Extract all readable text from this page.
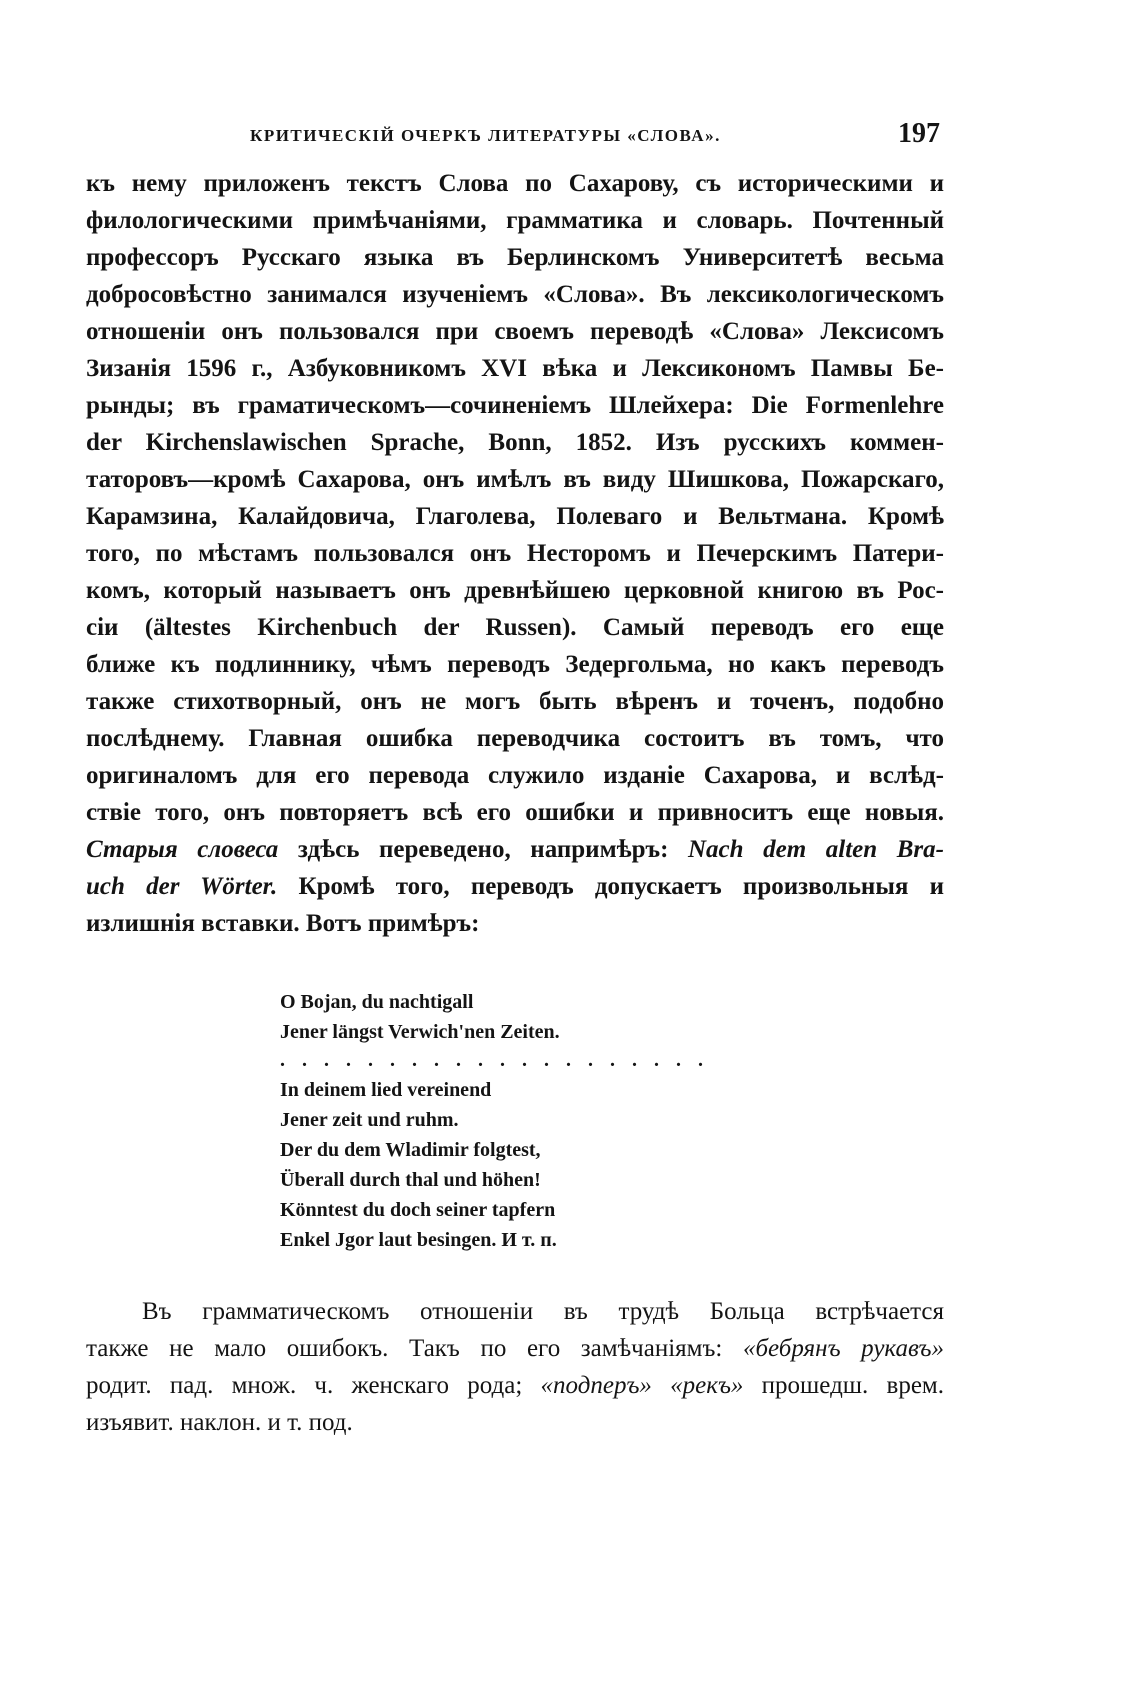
КРИТИЧЕСКІЙ ОЧЕРКЪ ЛИТЕРАТУРЫ «СЛОВА».	197
къ нему приложенъ текстъ Слова по Сахарову, съ историческими и
филологическими примѣчаніями, грамматика и словарь. Почтенный
профессоръ Русскаго языка въ Берлинскомъ Университетѣ весьма
добросовѣстно занимался изученіемъ «Слова». Въ лексикологическомъ
отношеніи онъ пользовался при своемъ переводѣ «Слова» Лексисомъ
Зизанія 1596 г., Азбуковникомъ XVI вѣка и Лексикономъ Памвы Бе-
рынды; въ граматическомъ—сочиненіемъ Шлейхера: Die Formenlehre
der Kirchenslawischen Sprache, Bonn, 1852. Изъ русскихъ коммен-
таторовъ—кромѣ Сахарова, онъ имѣлъ въ виду Шишкова, Пожарскаго,
Карамзина, Калайдовича, Глаголева, Полеваго и Вельтмана. Кромѣ
того, по мѣстамъ пользовался онъ Несторомъ и Печерскимъ Патери-
комъ, который называетъ онъ древнѣйшею церковной книгою въ Рос-
сіи (ältestes Kirchenbuch der Russen). Самый переводъ его еще
ближе къ подлиннику, чѣмъ переводъ Зедергольма, но какъ переводъ
также стихотворный, онъ не могъ быть вѣренъ и точенъ, подобно
послѣднему. Главная ошибка переводчика состоитъ въ томъ, что
оригиналомъ для его перевода служило изданіе Сахарова, и вслѣд-
ствіе того, онъ повторяетъ всѣ его ошибки и привноситъ еще новыя.
Старыя словеса здѣсь переведено, напримѣръ: Nach dem alten Bra-
uch der Wörter. Кромѣ того, переводъ допускаетъ произвольныя и
излишнія вставки. Вотъ примѣръ:
O Bojan, du nachtigall
Jener längst Verwich'nen Zeiten.
. . . . . . . . . . . . . . . . . . . .
In deinem lied vereinend
Jener zeit und ruhm.
Der du dem Wladimir folgtest,
Überall durch thal und höhen!
Könntest du doch seiner tapfern
Enkel Jgor laut besingen. И т. п.
Въ грамматическомъ отношеніи въ трудѣ Больца встрѣчается
также не мало ошибокъ. Такъ по его замѣчаніямъ: «бебрянъ рукавъ»
родит. пад. множ. ч. женскаго рода; «подперъ» «рекъ» прошедш. врем.
изъявит. наклон. и т. под.
